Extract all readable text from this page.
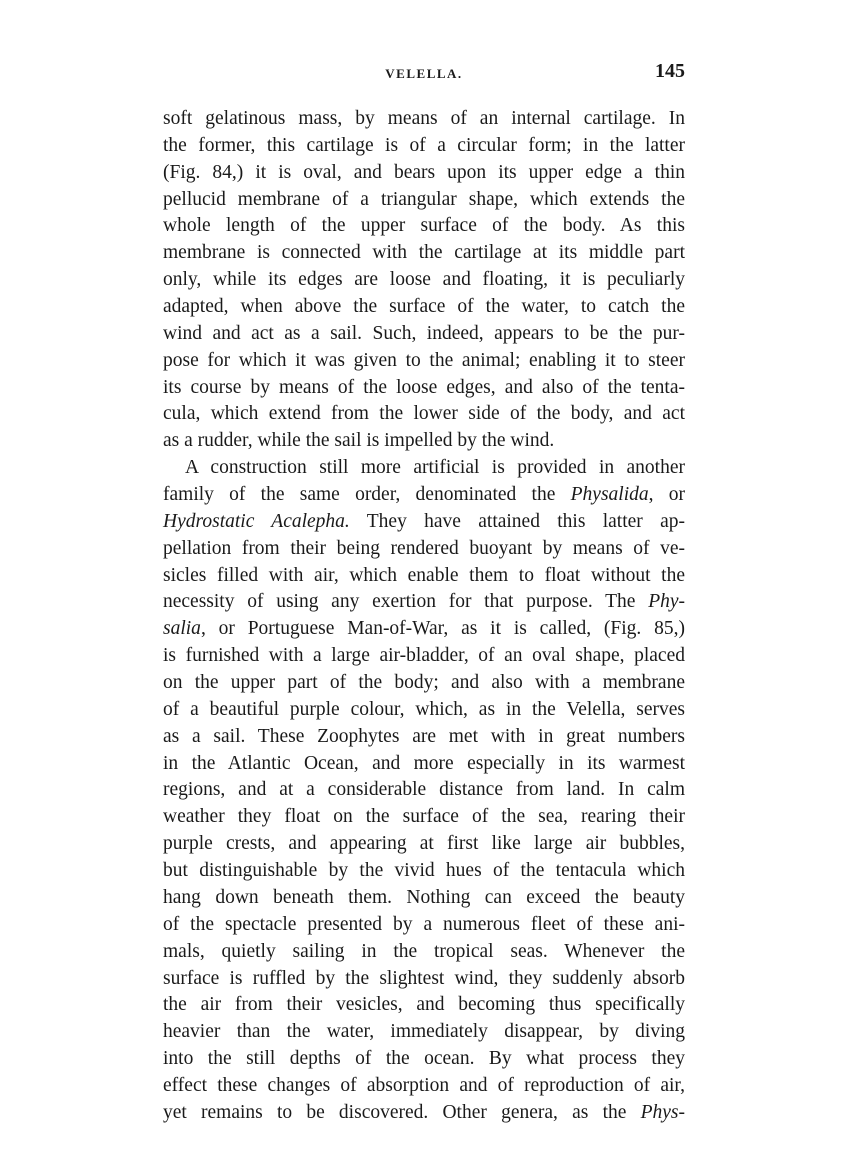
VELELLA.	145
soft gelatinous mass, by means of an internal cartilage. In
the former, this cartilage is of a circular form; in the latter
(Fig. 84,) it is oval, and bears upon its upper edge a thin
pellucid membrane of a triangular shape, which extends the
whole length of the upper surface of the body. As this
membrane is connected with the cartilage at its middle part
only, while its edges are loose and floating, it is peculiarly
adapted, when above the surface of the water, to catch the
wind and act as a sail. Such, indeed, appears to be the pur-
pose for which it was given to the animal; enabling it to steer
its course by means of the loose edges, and also of the tenta-
cula, which extend from the lower side of the body, and act
as a rudder, while the sail is impelled by the wind.
A construction still more artificial is provided in another
family of the same order, denominated the Physalida, or
Hydrostatic Acalepha. They have attained this latter ap-
pellation from their being rendered buoyant by means of ve-
sicles filled with air, which enable them to float without the
necessity of using any exertion for that purpose. The Phy-
salia, or Portuguese Man-of-War, as it is called, (Fig. 85,)
is furnished with a large air-bladder, of an oval shape, placed
on the upper part of the body; and also with a membrane
of a beautiful purple colour, which, as in the Velella, serves
as a sail. These Zoophytes are met with in great numbers
in the Atlantic Ocean, and more especially in its warmest
regions, and at a considerable distance from land. In calm
weather they float on the surface of the sea, rearing their
purple crests, and appearing at first like large air bubbles,
but distinguishable by the vivid hues of the tentacula which
hang down beneath them. Nothing can exceed the beauty
of the spectacle presented by a numerous fleet of these ani-
mals, quietly sailing in the tropical seas. Whenever the
surface is ruffled by the slightest wind, they suddenly absorb
the air from their vesicles, and becoming thus specifically
heavier than the water, immediately disappear, by diving
into the still depths of the ocean. By what process they
effect these changes of absorption and of reproduction of air,
yet remains to be discovered. Other genera, as the Phys-
